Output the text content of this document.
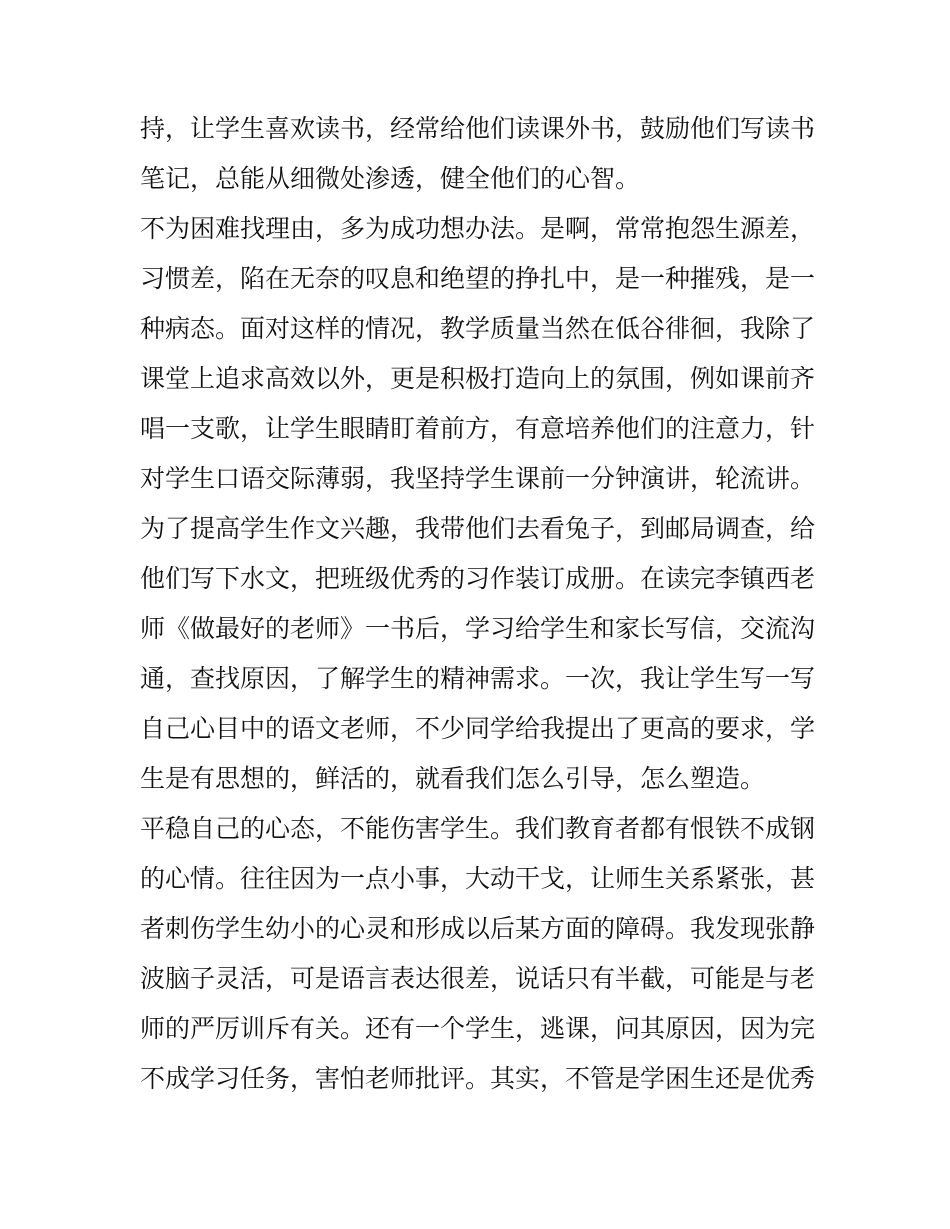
持，让学生喜欢读书，经常给他们读课外书，鼓励他们写读书
笔记，总能从细微处渗透，健全他们的心智。
不为困难找理由，多为成功想办法。是啊，常常抱怨生源差，
习惯差，陷在无奈的叹息和绝望的挣扎中，是一种摧残，是一
种病态。面对这样的情况，教学质量当然在低谷徘徊，我除了
课堂上追求高效以外，更是积极打造向上的氛围，例如课前齐
唱一支歌，让学生眼睛盯着前方，有意培养他们的注意力，针
对学生口语交际薄弱，我坚持学生课前一分钟演讲，轮流讲。
为了提高学生作文兴趣，我带他们去看兔子，到邮局调查，给
他们写下水文，把班级优秀的习作装订成册。在读完李镇西老
师《做最好的老师》一书后，学习给学生和家长写信，交流沟
通，查找原因，了解学生的精神需求。一次，我让学生写一写
自己心目中的语文老师，不少同学给我提出了更高的要求，学
生是有思想的，鲜活的，就看我们怎么引导，怎么塑造。
平稳自己的心态，不能伤害学生。我们教育者都有恨铁不成钢
的心情。往往因为一点小事，大动干戈，让师生关系紧张，甚
者刺伤学生幼小的心灵和形成以后某方面的障碍。我发现张静
波脑子灵活，可是语言表达很差，说话只有半截，可能是与老
师的严厉训斥有关。还有一个学生，逃课，问其原因，因为完
不成学习任务，害怕老师批评。其实，不管是学困生还是优秀
